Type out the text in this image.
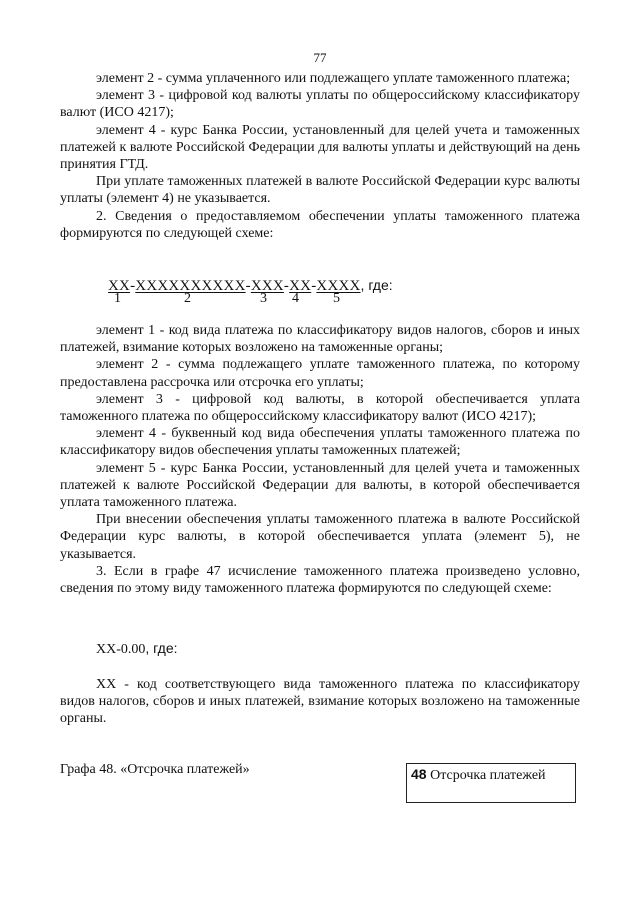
77

элемент 2 - сумма уплаченного или подлежащего уплате таможенного платежа;

элемент 3 - цифровой код валюты уплаты по общероссийскому классификатору валют (ИСО 4217);

элемент 4 - курс Банка России, установленный для целей учета и таможенных платежей к валюте Российской Федерации для валюты уплаты и действующий на день принятия ГТД.

При уплате таможенных платежей в валюте Российской Федерации курс валюты уплаты (элемент 4) не указывается.

2. Сведения о предоставляемом обеспечении уплаты таможенного платежа формируются по следующей схеме:

XX-XXXXXXXXXX-XXX-XX-XXXX, где:
1	2	3 4 5

элемент 1 - код вида платежа по классификатору видов налогов, сборов и иных платежей, взимание которых возложено на таможенные органы;

элемент 2 - сумма подлежащего уплате таможенного платежа, по которому предоставлена рассрочка или отсрочка его уплаты;

элемент 3 - цифровой код валюты, в которой обеспечивается уплата таможенного платежа по общероссийскому классификатору валют (ИСО 4217);

элемент 4 - буквенный код вида обеспечения уплаты таможенного платежа по классификатору видов обеспечения уплаты таможенных платежей;

элемент 5 - курс Банка России, установленный для целей учета и таможенных платежей к валюте Российской Федерации для валюты, в которой обеспечивается уплата таможенного платежа.

При внесении обеспечения уплаты таможенного платежа в валюте Российской Федерации курс валюты, в которой обеспечивается уплата (элемент 5), не указывается.

3. Если в графе 47 исчисление таможенного платежа произведено условно, сведения по этому виду таможенного платежа формируются по следующей схеме:

XX-0.00, где:

XX - код соответствующего вида таможенного платежа по классификатору видов налогов, сборов и иных платежей, взимание которых возложено на таможенные органы.

Графа 48. «Отсрочка платежей»	48 Отсрочка платежей
